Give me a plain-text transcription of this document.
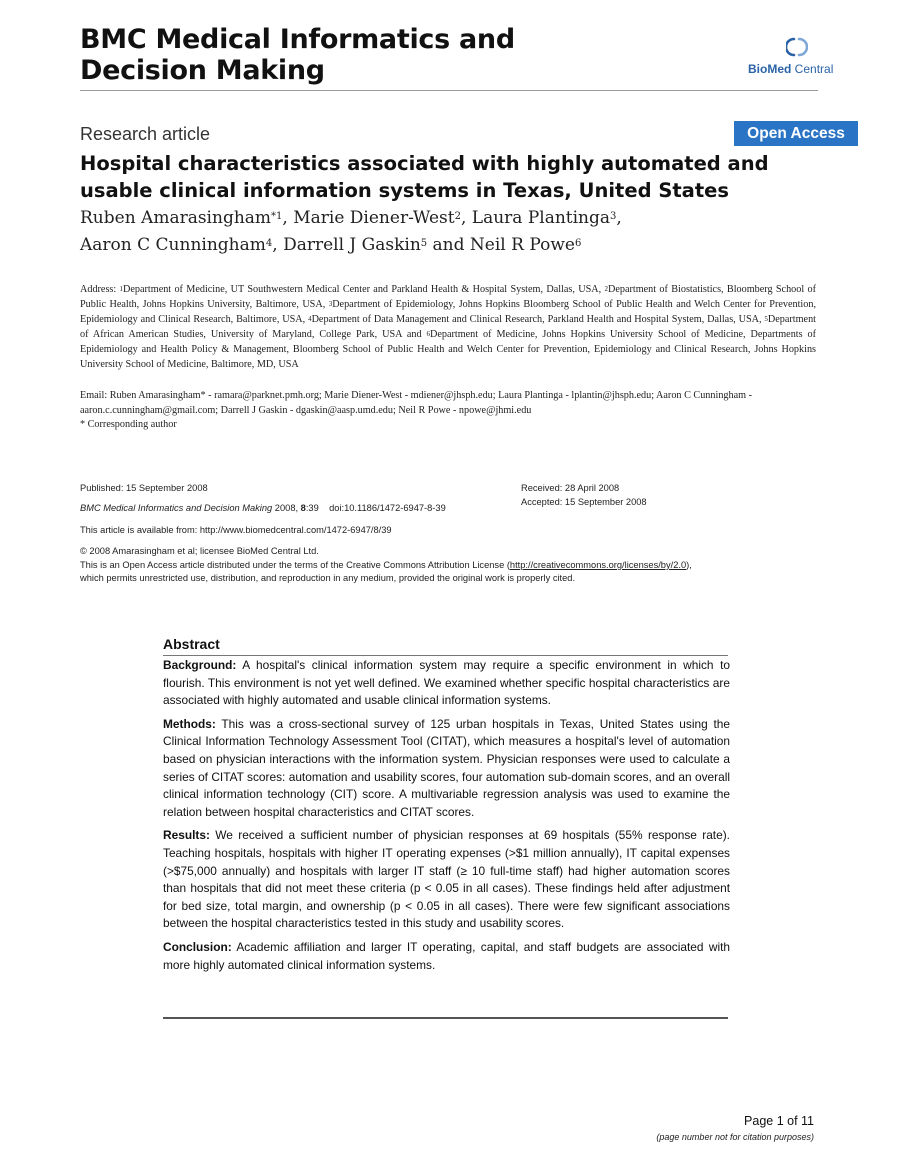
BMC Medical Informatics and
Decision Making	BioMed Central
Research article	Open Access
Hospital characteristics associated with highly automated and usable clinical information systems in Texas, United States
Ruben Amarasingham$^{*1}$, Marie Diener-West$^2$, Laura Plantinga$^3$,
Aaron C Cunningham$^4$, Darrell J Gaskin$^5$ and Neil R Powe$^6$
Address: $^1$Department of Medicine, UT Southwestern Medical Center and Parkland Health & Hospital System, Dallas, USA, $^2$Department of Biostatistics, Bloomberg School of Public Health, Johns Hopkins University, Baltimore, USA, $^3$Department of Epidemiology, Johns Hopkins Bloomberg School of Public Health and Welch Center for Prevention, Epidemiology and Clinical Research, Baltimore, USA, $^4$Department of Data Management and Clinical Research, Parkland Health and Hospital System, Dallas, USA, $^5$Department of African American Studies, University of Maryland, College Park, USA and $^6$Department of Medicine, Johns Hopkins University School of Medicine, Departments of Epidemiology and Health Policy & Management, Bloomberg School of Public Health and Welch Center for Prevention, Epidemiology and Clinical Research, Johns Hopkins University School of Medicine, Baltimore, MD, USA
Email: Ruben Amarasingham* - ramara@parknet.pmh.org; Marie Diener-West - mdiener@jhsph.edu; Laura Plantinga - lplantin@jhsph.edu; Aaron C Cunningham - aaron.c.cunningham@gmail.com; Darrell J Gaskin - dgaskin@aasp.umd.edu; Neil R Powe - npowe@jhmi.edu
* Corresponding author
Published: 15 September 2008
BMC Medical Informatics and Decision Making 2008, 8:39    doi:10.1186/1472-6947-8-39
Received: 28 April 2008
Accepted: 15 September 2008
This article is available from: http://www.biomedcentral.com/1472-6947/8/39
© 2008 Amarasingham et al; licensee BioMed Central Ltd.
This is an Open Access article distributed under the terms of the Creative Commons Attribution License (http://creativecommons.org/licenses/by/2.0),
which permits unrestricted use, distribution, and reproduction in any medium, provided the original work is properly cited.
Abstract

Background: A hospital's clinical information system may require a specific environment in which to flourish. This environment is not yet well defined. We examined whether specific hospital characteristics are associated with highly automated and usable clinical information systems.

Methods: This was a cross-sectional survey of 125 urban hospitals in Texas, United States using the Clinical Information Technology Assessment Tool (CITAT), which measures a hospital's level of automation based on physician interactions with the information system. Physician responses were used to calculate a series of CITAT scores: automation and usability scores, four automation sub-domain scores, and an overall clinical information technology (CIT) score. A multivariable regression analysis was used to examine the relation between hospital characteristics and CITAT scores.

Results: We received a sufficient number of physician responses at 69 hospitals (55% response rate). Teaching hospitals, hospitals with higher IT operating expenses (>$1 million annually), IT capital expenses (>$75,000 annually) and hospitals with larger IT staff (≥ 10 full-time staff) had higher automation scores than hospitals that did not meet these criteria (p < 0.05 in all cases). These findings held after adjustment for bed size, total margin, and ownership (p < 0.05 in all cases). There were few significant associations between the hospital characteristics tested in this study and usability scores.

Conclusion: Academic affiliation and larger IT operating, capital, and staff budgets are associated with more highly automated clinical information systems.

Page 1 of 11
(page number not for citation purposes)
